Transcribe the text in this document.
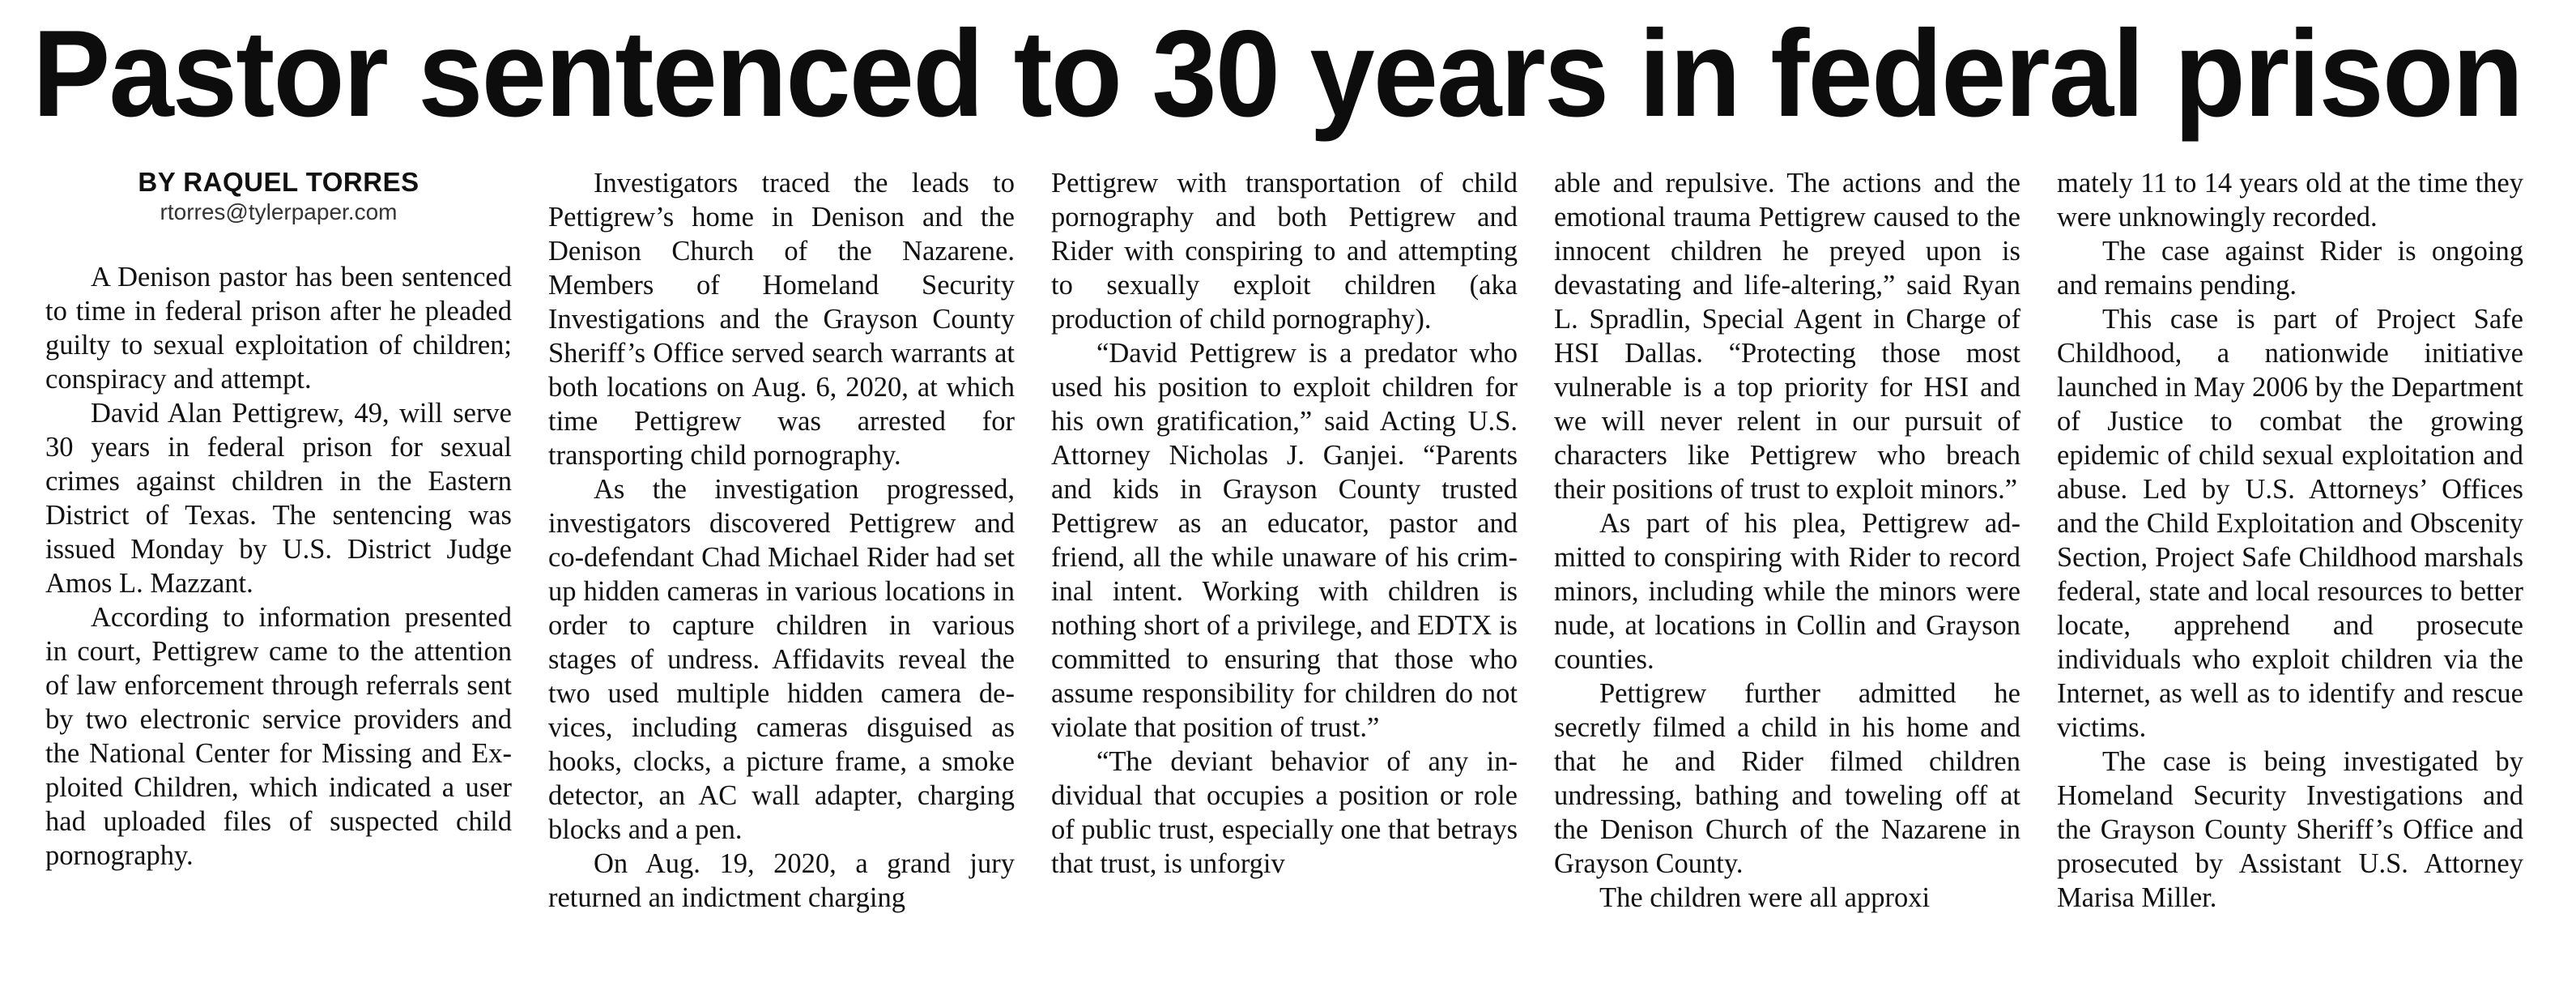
Pastor sentenced to 30 years in federal prison
BY RAQUEL TORRES
rtorres@tylerpaper.com

A Denison pastor has been sentenced to time in federal prison after he pleaded guilty to sexual exploitation of children; conspiracy and attempt.

David Alan Pettigrew, 49, will serve 30 years in federal prison for sexual crimes against children in the Eastern District of Texas. The sentencing was issued Monday by U.S. District Judge Amos L. Mazzant.

According to information presented in court, Pettigrew came to the attention of law enforcement through referrals sent by two electronic service providers and the National Center for Missing and Exploited Children, which indicated a user had uploaded files of suspected child pornography.

Investigators traced the leads to Pettigrew’s home in Denison and the Denison Church of the Nazarene. Members of Homeland Security Investigations and the Grayson County Sheriff’s Office served search warrants at both locations on Aug. 6, 2020, at which time Pettigrew was arrested for transporting child pornography.

As the investigation progressed, investigators discovered Pettigrew and co-defendant Chad Michael Rider had set up hidden cameras in various locations in order to capture children in various stages of undress. Affidavits reveal the two used multiple hidden camera devices, including cameras disguised as hooks, clocks, a picture frame, a smoke detector, an AC wall adapter, charging blocks and a pen.

On Aug. 19, 2020, a grand jury returned an indictment charging

Pettigrew with transportation of child pornography and both Pettigrew and Rider with conspiring to and attempting to sexually exploit children (aka production of child pornography).

“David Pettigrew is a predator who used his position to exploit children for his own gratification,” said Acting U.S. Attorney Nicholas J. Ganjei. “Parents and kids in Grayson County trusted Pettigrew as an educator, pastor and friend, all the while unaware of his criminal intent. Working with children is nothing short of a privilege, and EDTX is committed to ensuring that those who assume responsibility for children do not violate that position of trust.”

“The deviant behavior of any individual that occupies a position or role of public trust, especially one that betrays that trust, is unforgiv

able and repulsive. The actions and the emotional trauma Pettigrew caused to the innocent children he preyed upon is devastating and life-altering,” said Ryan L. Spradlin, Special Agent in Charge of HSI Dallas. “Protecting those most vulnerable is a top priority for HSI and we will never relent in our pursuit of characters like Pettigrew who breach their positions of trust to exploit minors.”

As part of his plea, Pettigrew admitted to conspiring with Rider to record minors, including while the minors were nude, at locations in Collin and Grayson counties.

Pettigrew further admitted he secretly filmed a child in his home and that he and Rider filmed children undressing, bathing and toweling off at the Denison Church of the Nazarene in Grayson County.

The children were all approxi

mately 11 to 14 years old at the time they were unknowingly recorded.

The case against Rider is ongoing and remains pending.

This case is part of Project Safe Childhood, a nationwide initiative launched in May 2006 by the Department of Justice to combat the growing epidemic of child sexual exploitation and abuse. Led by U.S. Attorneys’ Offices and the Child Exploitation and Obscenity Section, Project Safe Childhood marshals federal, state and local resources to better locate, apprehend and prosecute individuals who exploit children via the Internet, as well as to identify and rescue victims.

The case is being investigated by Homeland Security Investigations and the Grayson County Sheriff’s Office and prosecuted by Assistant U.S. Attorney Marisa Miller.
